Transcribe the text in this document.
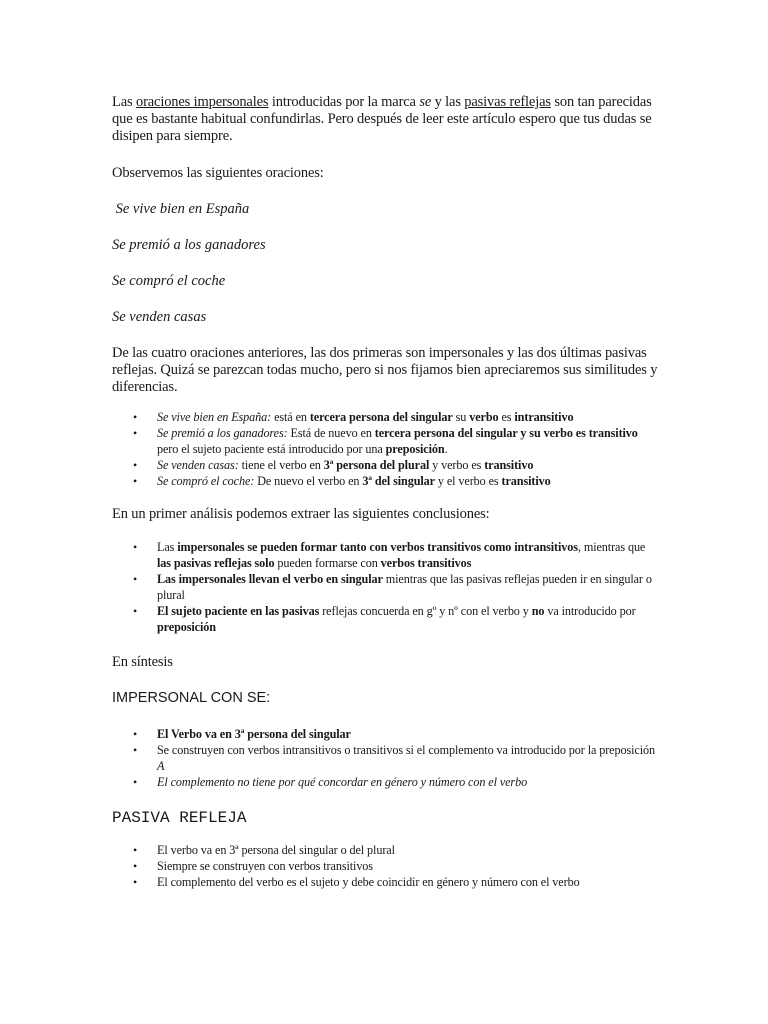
Las oraciones impersonales introducidas por la marca se y las pasivas reflejas son tan parecidas que es bastante habitual confundirlas. Pero después de leer este artículo espero que tus dudas se disipen para siempre.

Observemos las siguientes oraciones:

Se vive bien en España

Se premió a los ganadores

Se compró el coche

Se venden casas

De las cuatro oraciones anteriores, las dos primeras son impersonales y las dos últimas pasivas reflejas. Quizá se parezcan todas mucho, pero si nos fijamos bien apreciaremos sus similitudes y diferencias.

• Se vive bien en España: está en tercera persona del singular su verbo es intransitivo
• Se premió a los ganadores: Está de nuevo en tercera persona del singular y su verbo es transitivo pero el sujeto paciente está introducido por una preposición.
• Se venden casas: tiene el verbo en 3ª persona del plural y verbo es transitivo
• Se compró el coche: De nuevo el verbo en 3ª del singular y el verbo es transitivo

En un primer análisis podemos extraer las siguientes conclusiones:

• Las impersonales se pueden formar tanto con verbos transitivos como intransitivos, mientras que las pasivas reflejas solo pueden formarse con verbos transitivos
• Las impersonales llevan el verbo en singular mientras que las pasivas reflejas pueden ir en singular o plural
• El sujeto paciente en las pasivas reflejas concuerda en gº y nº con el verbo y no va introducido por preposición

En síntesis

IMPERSONAL CON SE:

• El Verbo va en 3ª persona del singular
• Se construyen con verbos intransitivos o transitivos si el complemento va introducido por la preposición A
• El complemento no tiene por qué concordar en género y número con el verbo

PASIVA REFLEJA

• El verbo va en 3ª persona del singular o del plural
• Siempre se construyen con verbos transitivos
• El complemento del verbo es el sujeto y debe coincidir en género y número con el verbo
